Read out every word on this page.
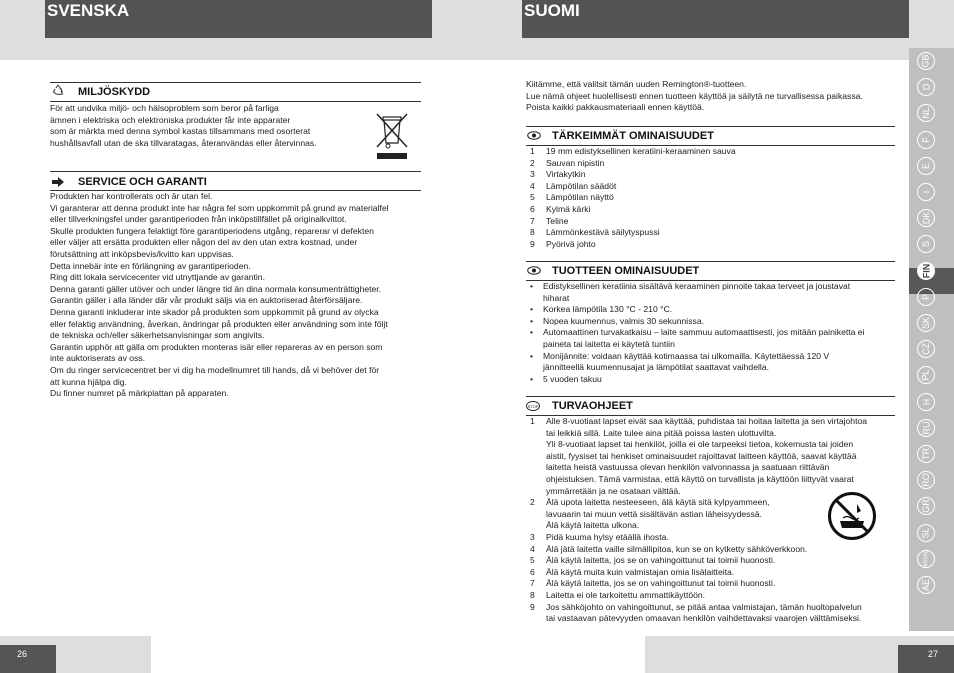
SVENSKA	SUOMI
GB
D
NL
F
E
I
DK
S
FIN
P
SK
CZ
PL
H
RU
TR
RO
GR
SL
HR/SRB
AE
26	27
MILJÖSKYDD
För att undvika miljö- och hälsoproblem som beror på farliga
ämnen i elektriska och elektroniska produkter får inte apparater
som är märkta med denna symbol kastas tillsammans med osorterat
hushållsavfall utan de ska tillvaratagas, återanvändas eller återvinnas.
SERVICE OCH GARANTI
Produkten har kontrollerats och är utan fel.
Vi garanterar att denna produkt inte har några fel som uppkommit på grund av materialfel
eller tillverkningsfel under garantiperioden från inköpstillfället på originalkvittot.
Skulle produkten fungera felaktigt före garantiperiodens utgång, reparerar vi defekten
eller väljer att ersätta produkten eller någon del av den utan extra kostnad, under
förutsättning att inköpsbevis/kvitto kan uppvisas.
Detta innebär inte en förlängning av garantiperioden.
Ring ditt lokala servicecenter vid utnyttjande av garantin.
Denna garanti gäller utöver och under längre tid än dina normala konsumenträttigheter.
Garantin gäller i alla länder där vår produkt säljs via en auktoriserad återförsäljare.
Denna garanti inkluderar inte skador på produkten som uppkommit på grund av olycka
eller felaktig användning, åverkan, ändringar på produkten eller användning som inte följt
de tekniska och/eller säkerhetsanvisningar som angivits.
Garantin upphör att gälla om produkten monteras isär eller repareras av en person som
inte auktoriserats av oss.
Om du ringer servicecentret ber vi dig ha modellnumret till hands, då vi behöver det för
att kunna hjälpa dig.
Du finner numret på märkplattan på apparaten.
Kiitämme, että valitsit tämän uuden Remington®-tuotteen.
Lue nämä ohjeet huolellisesti ennen tuotteen käyttöä ja säilytä ne turvallisessa paikassa.
Poista kaikki pakkausmateriaali ennen käyttöä.
TÄRKEIMMÄT OMINAISUUDET
1	19 mm edistyksellinen keratiini-keraaminen sauva
2	Sauvan nipistin
3	Virtakytkin
4	Lämpötilan säädöt
5	Lämpötilan näyttö
6	Kylmä kärki
7	Teline
8	Lämmönkestävä säilytyspussi
9	Pyörivä johto
TUOTTEEN OMINAISUUDET
•	Edistyksellinen keratiinia sisältävä keraaminen pinnoite takaa terveet ja joustavat
hiharat
•	Korkea lämpötila 130 °C - 210 °C.
•	Nopea kuumennus, valmis 30 sekunnissa.
•	Automaattinen turvakatkaisu – laite sammuu automaattisesti, jos mitään painiketta ei
paineta tai laitetta ei käytetä tuntiin
•	Monijännite: voidaan käyttää kotimaassa tai ulkomailla. Käytettäessä 120 V
jännitteellä kuumennusajat ja lämpötilat saattavat vaihdella.
•	5 vuoden takuu
STOP TURVAOHJEET
1	Alle 8-vuotiaat lapset eivät saa käyttää, puhdistaa tai hoitaa laitetta ja sen virtajohtoa
tai leikkiä sillä. Laite tulee aina pitää poissa lasten ulottuvilta.
Yli 8-vuotiaat lapset tai henkilöt, joilla ei ole tarpeeksi tietoa, kokemusta tai joiden
aistit, fyysiset tai henkiset ominaisuudet rajoittavat laitteen käyttöä, saavat käyttää
laitetta heistä vastuussa olevan henkilön valvonnassa ja saatuaan riittävän
ohjeistuksen. Tämä varmistaa, että käyttö on turvallista ja käyttöön liittyvät vaarat
ymmärretään ja ne osataan välttää.
2	Älä upota laitetta nesteeseen, älä käytä sitä kylpyammeen,
lavuaarin tai muun vettä sisältävän astian läheisyydessä.
Älä käytä laitetta ulkona.
3	Pidä kuuma hylsy etäällä ihosta.
4	Älä jätä laitetta vaille silmällipitoa, kun se on kytketty sähköverkkoon.
5	Älä käytä laitetta, jos se on vahingoittunut tai toimii huonosti.
6	Älä käytä muita kuin valmistajan omia lisälaitteita.
7	Älä käytä laitetta, jos se on vahingoittunut tai toimii huonosti.
8	Laitetta ei ole tarkoitettu ammattikäyttöön.
9	Jos sähköjohto on vahingoittunut, se pitää antaa valmistajan, tämän huoltopalvelun
tai vastaavan pätevyyden omaavan henkilön vaihdettavaksi vaarojen välttämiseksi.
